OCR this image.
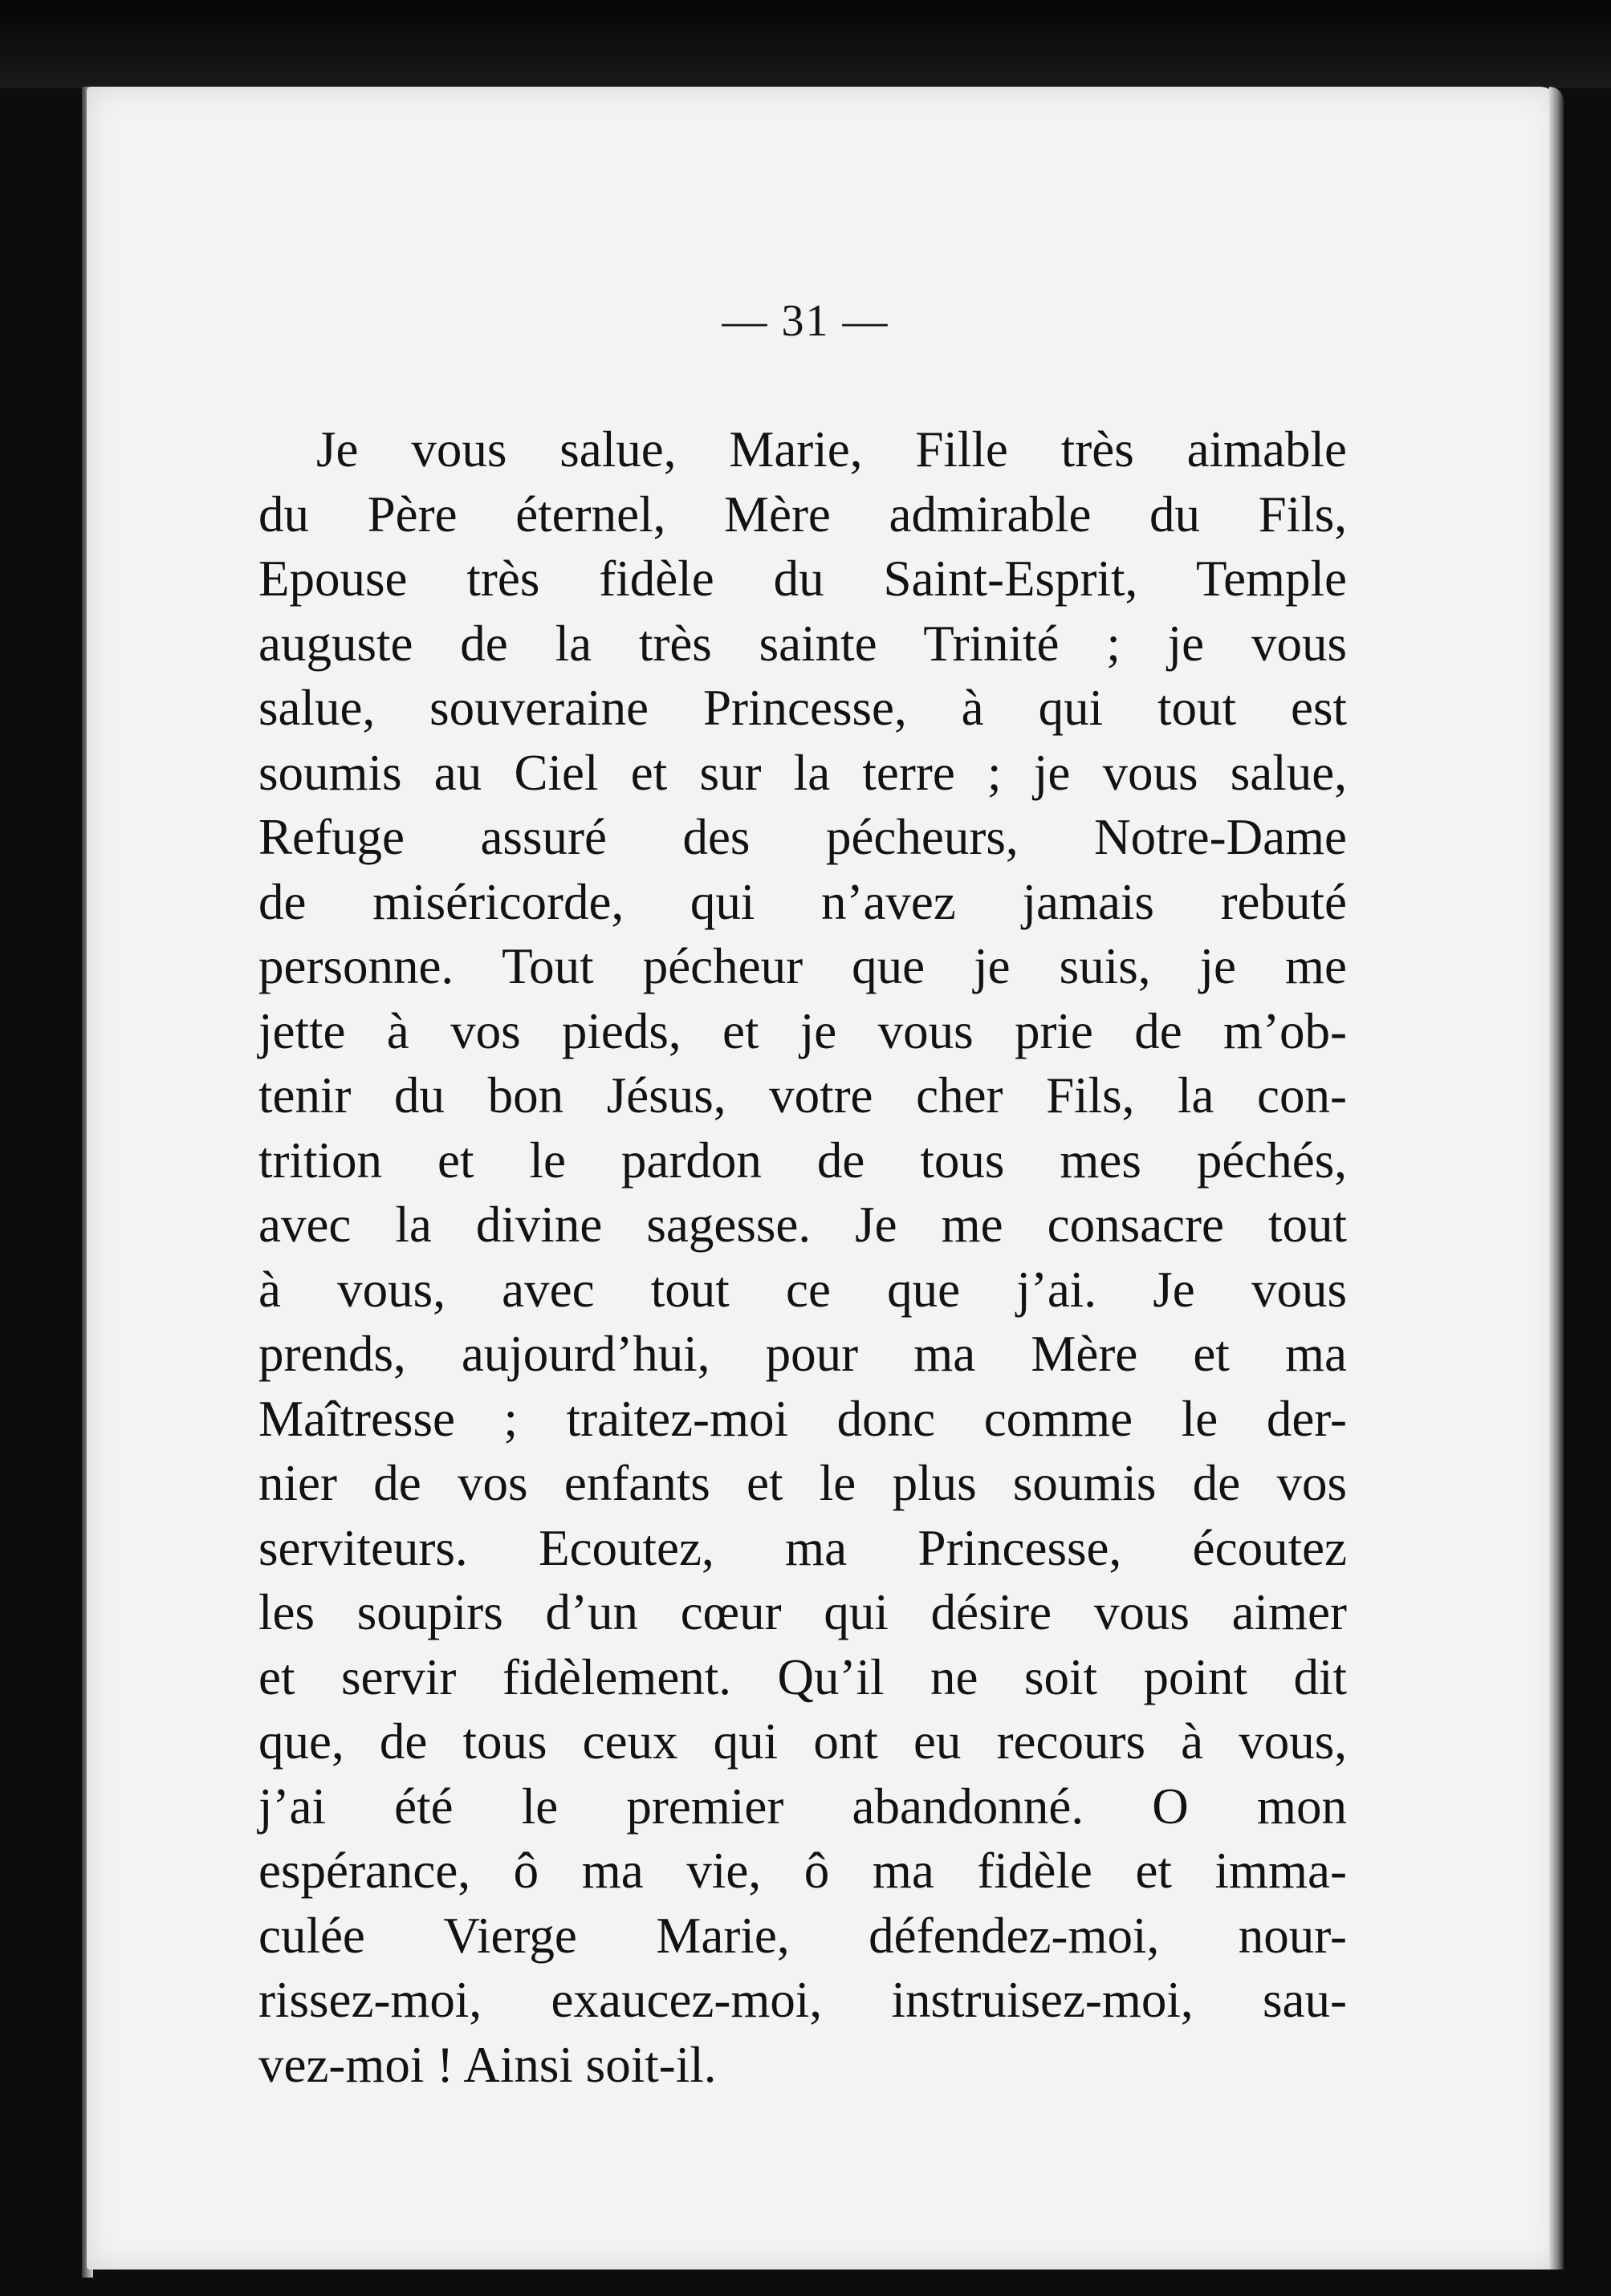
— 31 —
Je vous salue, Marie, Fille très aimable
du Père éternel, Mère admirable du Fils,
Epouse très fidèle du Saint-Esprit, Temple
auguste de la très sainte Trinité ; je vous
salue, souveraine Princesse, à qui tout est
soumis au Ciel et sur la terre ; je vous salue,
Refuge assuré des pécheurs, Notre-Dame
de miséricorde, qui n’avez jamais rebuté
personne. Tout pécheur que je suis, je me
jette à vos pieds, et je vous prie de m’ob-
tenir du bon Jésus, votre cher Fils, la con-
trition et le pardon de tous mes péchés,
avec la divine sagesse. Je me consacre tout
à vous, avec tout ce que j’ai. Je vous
prends, aujourd’hui, pour ma Mère et ma
Maîtresse ; traitez-moi donc comme le der-
nier de vos enfants et le plus soumis de vos
serviteurs. Ecoutez, ma Princesse, écoutez
les soupirs d’un cœur qui désire vous aimer
et servir fidèlement. Qu’il ne soit point dit
que, de tous ceux qui ont eu recours à vous,
j’ai été le premier abandonné. O mon
espérance, ô ma vie, ô ma fidèle et imma-
culée Vierge Marie, défendez-moi, nour-
rissez-moi, exaucez-moi, instruisez-moi, sau-
vez-moi ! Ainsi soit-il.
